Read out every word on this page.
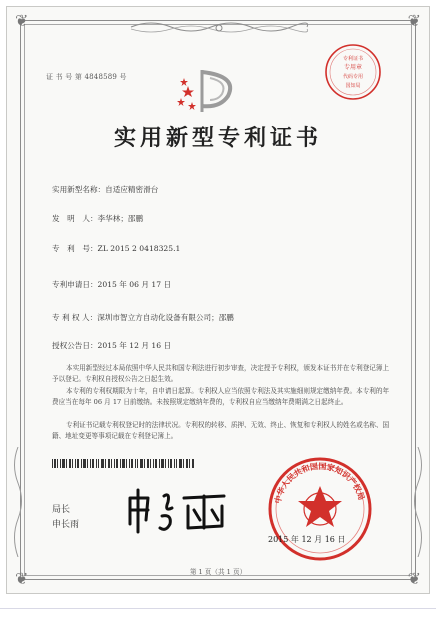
❦	❦
❦	❦
证 书 号 第 4848589 号
专利证书
专用章
代码专用
国知局
实用新型专利证书
实用新型名称：自适应精密滑台
发　明　人：李华林；邵鹏
专　利　号：ZL 2015 2 0418325.1
专利申请日：2015 年 06 月 17 日
专 利 权 人：深圳市智立方自动化设备有限公司；邵鹏
授权公告日：2015 年 12 月 16 日
本实用新型经过本局依照中华人民共和国专利法进行初步审查，决定授予专利权，颁发本证书并在专利登记簿上予以登记。专利权自授权公告之日起生效。
本专利的专利权期限为十年，自申请日起算。专利权人应当依照专利法及其实施细则规定缴纳年费。本专利的年费应当在每年 06 月 17 日前缴纳。未按照规定缴纳年费的，专利权自应当缴纳年费期满之日起终止。
专利证书记载专利权登记时的法律状况。专利权的转移、质押、无效、终止、恢复和专利权人的姓名或名称、国籍、地址变更等事项记载在专利登记簿上。
局长
申长雨
中华人民共和国国家知识产权局
2015 年 12 月 16 日
第 1 页（共 1 页）
